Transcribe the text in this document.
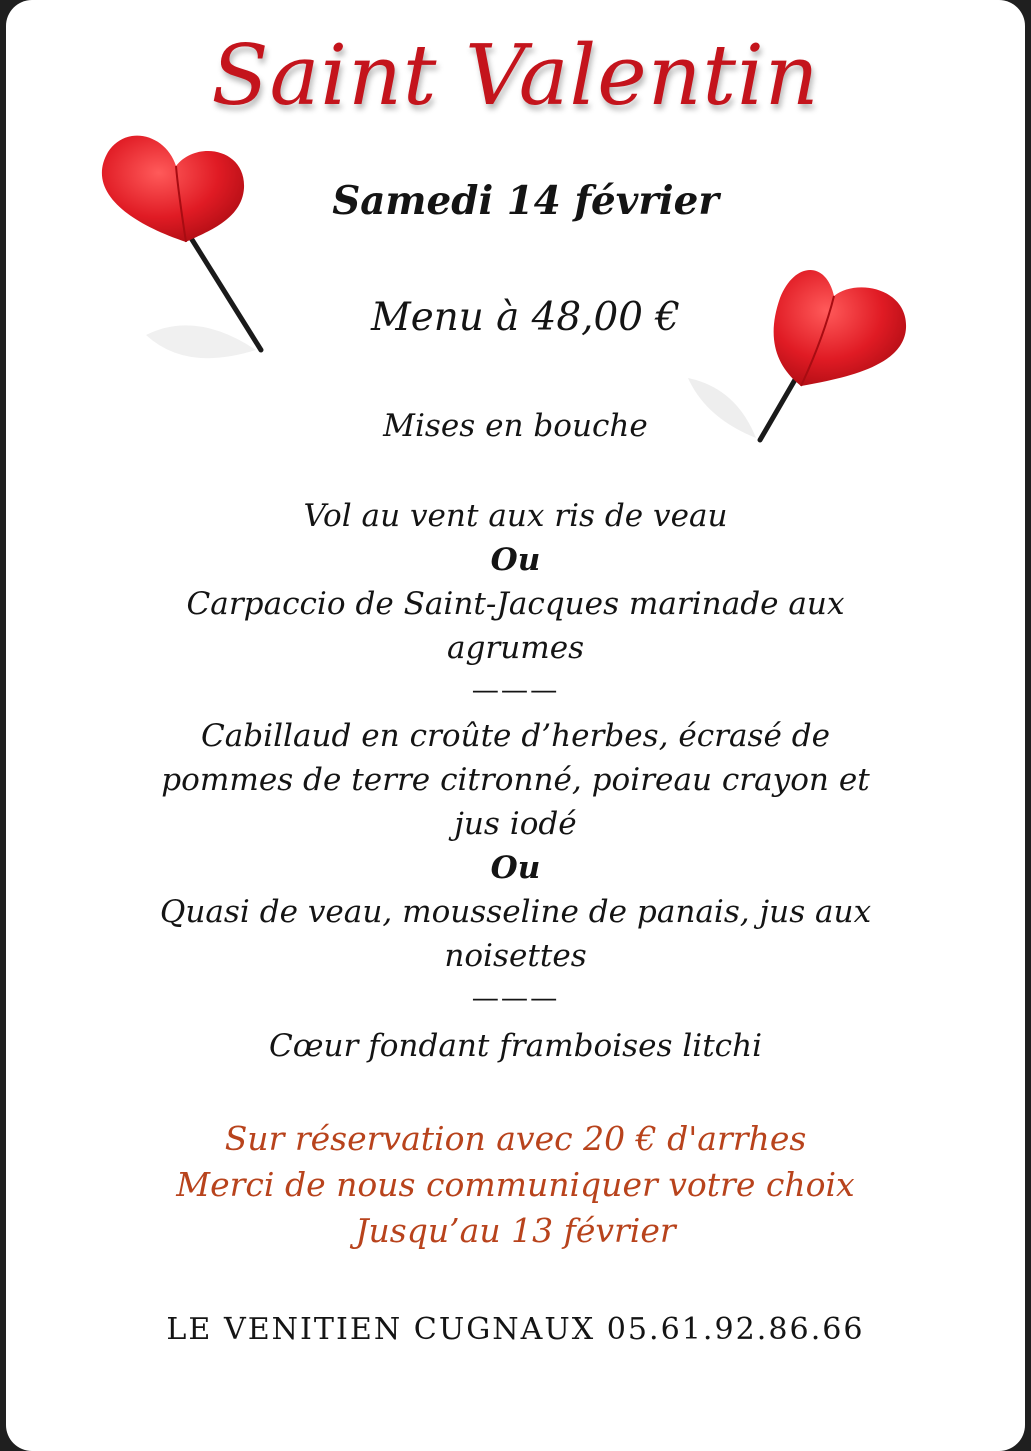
Saint Valentin
Samedi 14 février
Menu à 48,00 €
Mises en bouche
Vol au vent aux ris de veau
Ou
Carpaccio de Saint-Jacques marinade aux
agrumes
———
Cabillaud en croûte d’herbes, écrasé de
pommes de terre citronné, poireau crayon et
jus iodé
Ou
Quasi de veau, mousseline de panais, jus aux
noisettes
———
Cœur fondant framboises litchi
Sur réservation avec 20 € d'arrhes
Merci de nous communiquer votre choix
Jusqu’au 13 février
LE VENITIEN CUGNAUX 05.61.92.86.66
